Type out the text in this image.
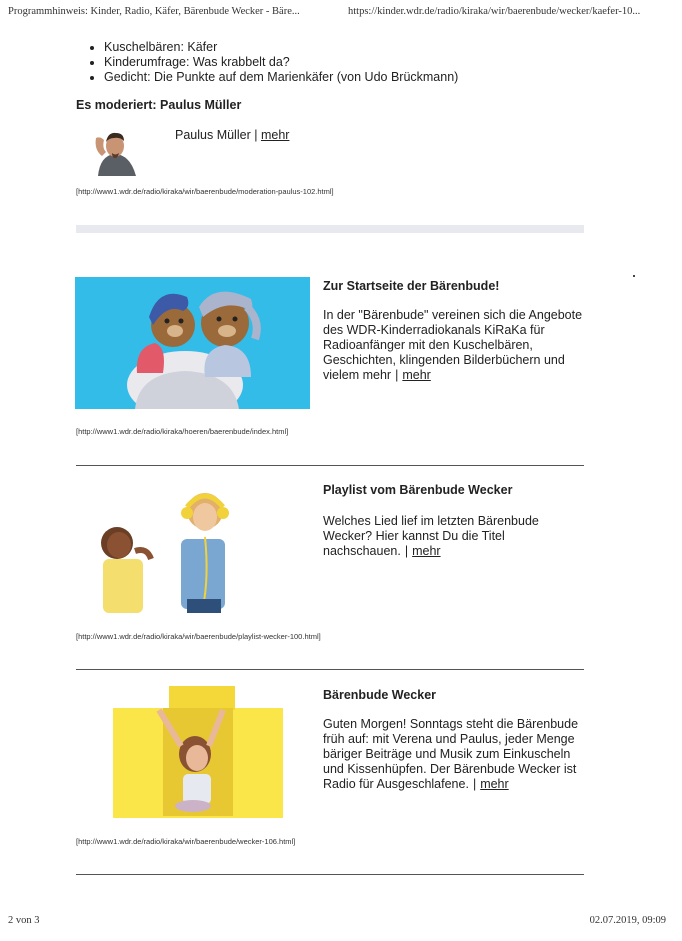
Programmhinweis: Kinder, Radio, Käfer, Bärenbude Wecker - Bäre...	https://kinder.wdr.de/radio/kiraka/wir/baerenbude/wecker/kaefer-10...
• Kuschelbären: Käfer
• Kinderumfrage: Was krabbelt da?
• Gedicht: Die Punkte auf dem Marienkäfer (von Udo Brückmann)
Es moderiert: Paulus Müller
Paulus Müller | mehr
[http://www1.wdr.de/radio/kiraka/wir/baerenbude/moderation-paulus-102.html]
Zur Startseite der Bärenbude!
In der "Bärenbude" vereinen sich die Angebote des WDR-Kinderradiokanals KiRaKa für Radioanfänger mit den Kuschelbären, Geschichten, klingenden Bilderbüchern und vielem mehr | mehr
[http://www1.wdr.de/radio/kiraka/hoeren/baerenbude/index.html]
Playlist vom Bärenbude Wecker
Welches Lied lief im letzten Bärenbude Wecker? Hier kannst Du die Titel nachschauen. | mehr
[http://www1.wdr.de/radio/kiraka/wir/baerenbude/playlist-wecker-100.html]
Bärenbude Wecker
Guten Morgen! Sonntags steht die Bärenbude früh auf: mit Verena und Paulus, jeder Menge bäriger Beiträge und Musik zum Einkuscheln und Kissenhüpfen. Der Bärenbude Wecker ist Radio für Ausgeschlafene. | mehr
[http://www1.wdr.de/radio/kiraka/wir/baerenbude/wecker-106.html]
2 von 3	02.07.2019, 09:09
